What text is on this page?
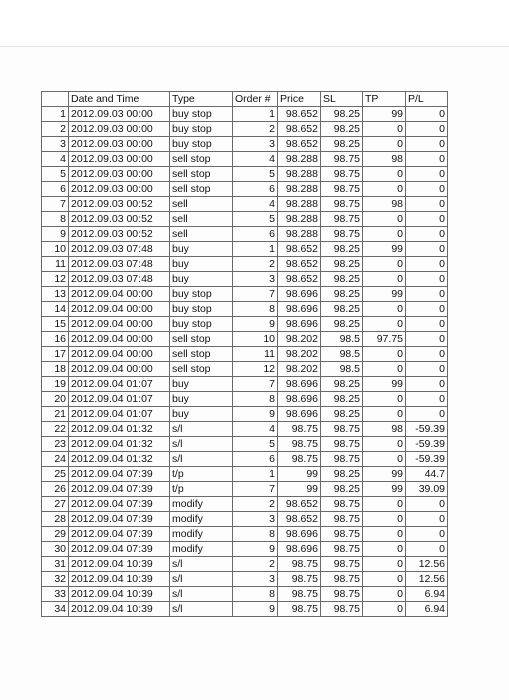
	Date and Time	Type	Order #	Price	SL	TP	P/L
1	2012.09.03 00:00	buy stop	1	98.652	98.25	99	0
2	2012.09.03 00:00	buy stop	2	98.652	98.25	0	0
3	2012.09.03 00:00	buy stop	3	98.652	98.25	0	0
4	2012.09.03 00:00	sell stop	4	98.288	98.75	98	0
5	2012.09.03 00:00	sell stop	5	98.288	98.75	0	0
6	2012.09.03 00:00	sell stop	6	98.288	98.75	0	0
7	2012.09.03 00:52	sell	4	98.288	98.75	98	0
8	2012.09.03 00:52	sell	5	98.288	98.75	0	0
9	2012.09.03 00:52	sell	6	98.288	98.75	0	0
10	2012.09.03 07:48	buy	1	98.652	98.25	99	0
11	2012.09.03 07:48	buy	2	98.652	98.25	0	0
12	2012.09.03 07:48	buy	3	98.652	98.25	0	0
13	2012.09.04 00:00	buy stop	7	98.696	98.25	99	0
14	2012.09.04 00:00	buy stop	8	98.696	98.25	0	0
15	2012.09.04 00:00	buy stop	9	98.696	98.25	0	0
16	2012.09.04 00:00	sell stop	10	98.202	98.5	97.75	0
17	2012.09.04 00:00	sell stop	11	98.202	98.5	0	0
18	2012.09.04 00:00	sell stop	12	98.202	98.5	0	0
19	2012.09.04 01:07	buy	7	98.696	98.25	99	0
20	2012.09.04 01:07	buy	8	98.696	98.25	0	0
21	2012.09.04 01:07	buy	9	98.696	98.25	0	0
22	2012.09.04 01:32	s/l	4	98.75	98.75	98	-59.39
23	2012.09.04 01:32	s/l	5	98.75	98.75	0	-59.39
24	2012.09.04 01:32	s/l	6	98.75	98.75	0	-59.39
25	2012.09.04 07:39	t/p	1	99	98.25	99	44.7
26	2012.09.04 07:39	t/p	7	99	98.25	99	39.09
27	2012.09.04 07:39	modify	2	98.652	98.75	0	0
28	2012.09.04 07:39	modify	3	98.652	98.75	0	0
29	2012.09.04 07:39	modify	8	98.696	98.75	0	0
30	2012.09.04 07:39	modify	9	98.696	98.75	0	0
31	2012.09.04 10:39	s/l	2	98.75	98.75	0	12.56
32	2012.09.04 10:39	s/l	3	98.75	98.75	0	12.56
33	2012.09.04 10:39	s/l	8	98.75	98.75	0	6.94
34	2012.09.04 10:39	s/l	9	98.75	98.75	0	6.94
